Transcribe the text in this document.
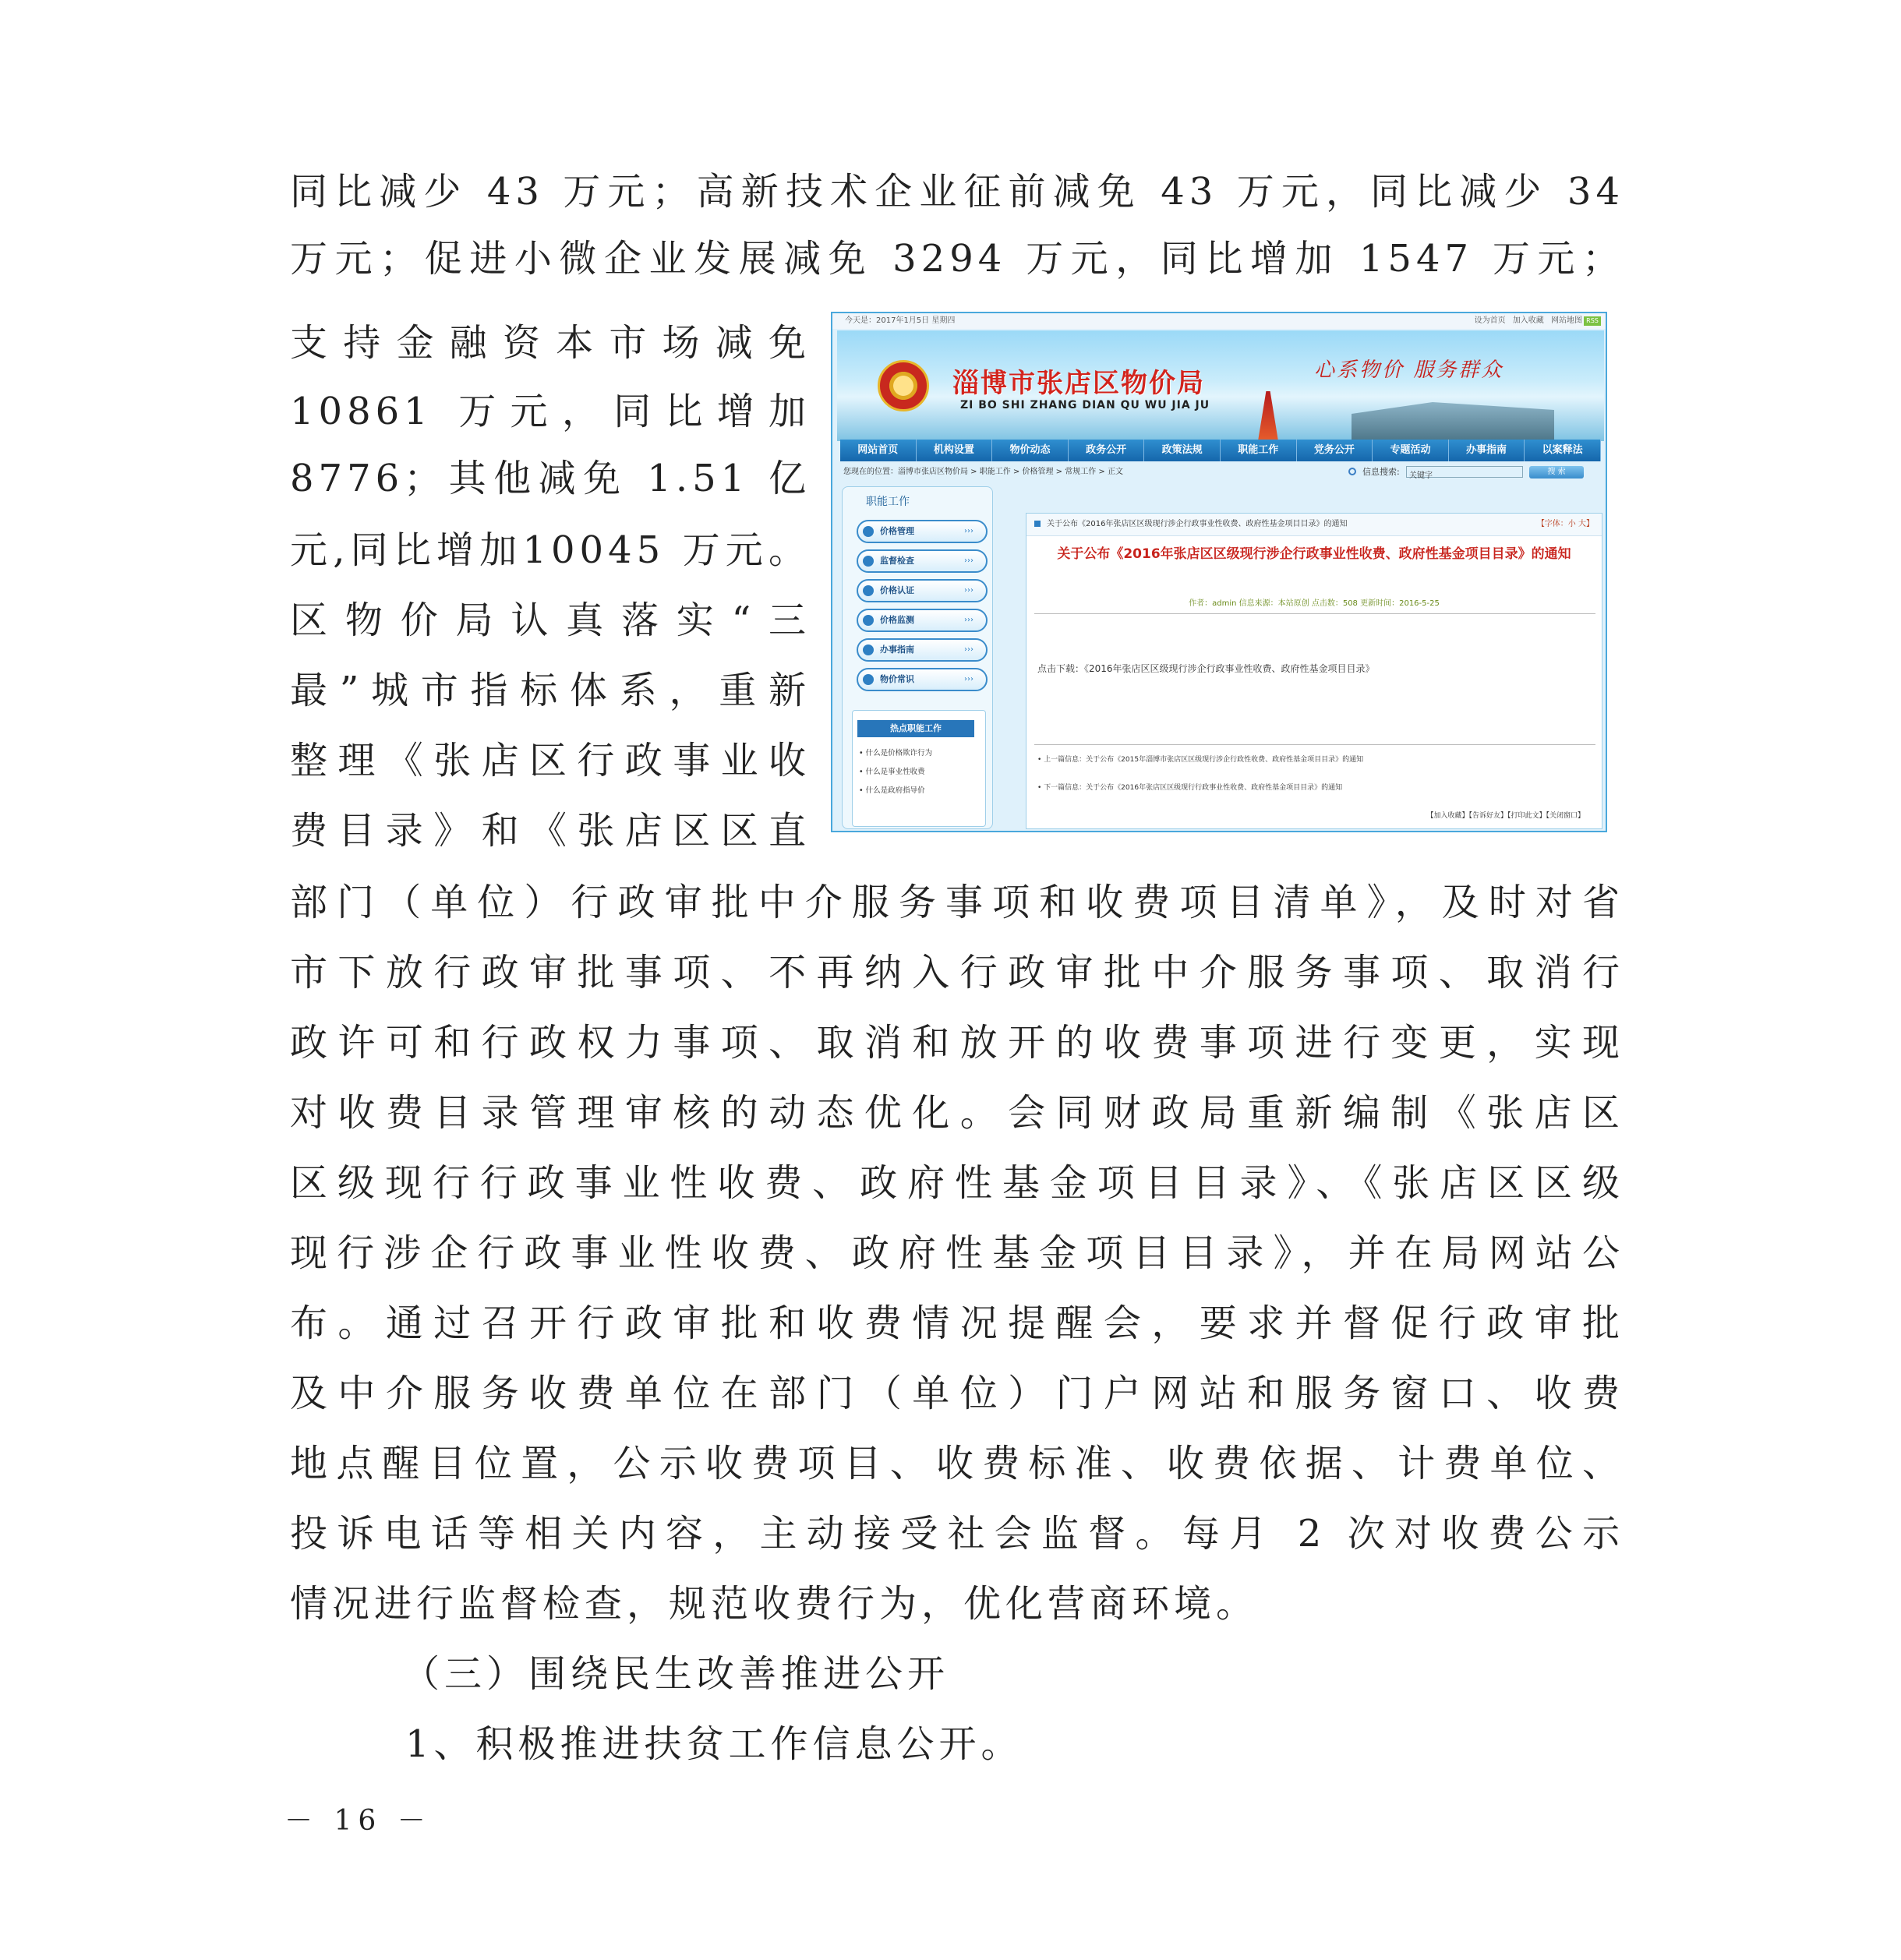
同比减少 43 万元；高新技术企业征前减免 43 万元，同比减少 34
万元；促进小微企业发展减免 3294 万元，同比增加 1547 万元；
支持金融资本市场减免
10861 万元，同比增加
8776；其他减免 1.51 亿
元,同比增加10045 万元。
区物价局认真落实“三
最”城市指标体系，重新
整理《张店区行政事业收
费目录》和《张店区区直
部门（单位）行政审批中介服务事项和收费项目清单》，及时对省
市下放行政审批事项、不再纳入行政审批中介服务事项、取消行
政许可和行政权力事项、取消和放开的收费事项进行变更，实现
对收费目录管理审核的动态优化。会同财政局重新编制《张店区
区级现行行政事业性收费、政府性基金项目目录》、《张店区区级
现行涉企行政事业性收费、政府性基金项目目录》，并在局网站公
布。通过召开行政审批和收费情况提醒会，要求并督促行政审批
及中介服务收费单位在部门（单位）门户网站和服务窗口、收费
地点醒目位置，公示收费项目、收费标准、收费依据、计费单位、
投诉电话等相关内容，主动接受社会监督。每月 2 次对收费公示
情况进行监督检查，规范收费行为，优化营商环境。
（三）围绕民生改善推进公开
1、积极推进扶贫工作信息公开。
－ 16 －
今天是：2017年1月5日 星期四	设为首页 加入收藏 网站地图 RSS
淄博市张店区物价局
ZI BO SHI ZHANG DIAN QU WU JIA JU
心系物价 服务群众
网站首页	机构设置	物价动态	政务公开	政策法规	职能工作	党务公开	专题活动	办事指南	以案释法
您现在的位置：淄博市张店区物价局 > 职能工作 > 价格管理 > 常规工作 > 正文	信息搜索:	关键字	搜 索
职能工作
价格管理	›››
监督检查	›››
价格认证	›››
价格监测	›››
办事指南	›››
物价常识	›››
热点职能工作
• 什么是价格欺诈行为
• 什么是事业性收费
• 什么是政府指导价
关于公布《2016年张店区区级现行涉企行政事业性收费、政府性基金项目目录》的通知	【字体：小 大】
关于公布《2016年张店区区级现行涉企行政事业性收费、政府性基金项目目录》的通知
作者：admin 信息来源：本站原创 点击数：508 更新时间：2016-5-25
点击下载：《2016年张店区区级现行涉企行政事业性收费、政府性基金项目目录》
• 上一篇信息：关于公布《2015年淄博市张店区区级现行涉企行政性收费、政府性基金项目目录》的通知
• 下一篇信息：关于公布《2016年张店区区级现行行政事业性收费、政府性基金项目目录》的通知
【加入收藏】【告诉好友】【打印此文】【关闭窗口】
